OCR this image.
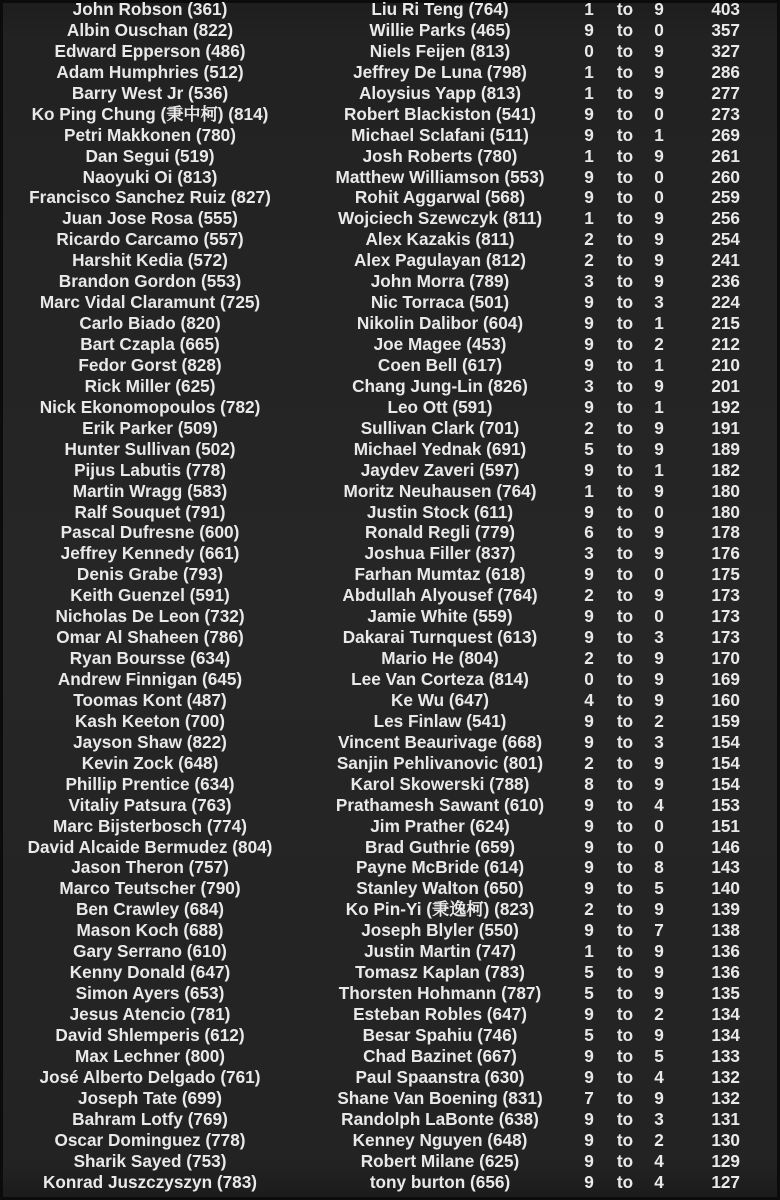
John Robson (361)	Liu Ri Teng (764)	1	to	9	403
Albin Ouschan (822)	Willie Parks (465)	9	to	0	357
Edward Epperson (486)	Niels Feijen (813)	0	to	9	327
Adam Humphries (512)	Jeffrey De Luna (798)	1	to	9	286
Barry West Jr (536)	Aloysius Yapp (813)	1	to	9	277
Ko Ping Chung (秉中柯) (814)	Robert Blackiston (541)	9	to	0	273
Petri Makkonen (780)	Michael Sclafani (511)	9	to	1	269
Dan Segui (519)	Josh Roberts (780)	1	to	9	261
Naoyuki Oi (813)	Matthew Williamson (553)	9	to	0	260
Francisco Sanchez Ruiz (827)	Rohit Aggarwal (568)	9	to	0	259
Juan Jose Rosa (555)	Wojciech Szewczyk (811)	1	to	9	256
Ricardo Carcamo (557)	Alex Kazakis (811)	2	to	9	254
Harshit Kedia (572)	Alex Pagulayan (812)	2	to	9	241
Brandon Gordon (553)	John Morra (789)	3	to	9	236
Marc Vidal Claramunt (725)	Nic Torraca (501)	9	to	3	224
Carlo Biado (820)	Nikolin Dalibor (604)	9	to	1	215
Bart Czapla (665)	Joe Magee (453)	9	to	2	212
Fedor Gorst (828)	Coen Bell (617)	9	to	1	210
Rick Miller (625)	Chang Jung-Lin (826)	3	to	9	201
Nick Ekonomopoulos (782)	Leo Ott (591)	9	to	1	192
Erik Parker (509)	Sullivan Clark (701)	2	to	9	191
Hunter Sullivan (502)	Michael Yednak (691)	5	to	9	189
Pijus Labutis (778)	Jaydev Zaveri (597)	9	to	1	182
Martin Wragg (583)	Moritz Neuhausen (764)	1	to	9	180
Ralf Souquet (791)	Justin Stock (611)	9	to	0	180
Pascal Dufresne (600)	Ronald Regli (779)	6	to	9	178
Jeffrey Kennedy (661)	Joshua Filler (837)	3	to	9	176
Denis Grabe (793)	Farhan Mumtaz (618)	9	to	0	175
Keith Guenzel (591)	Abdullah Alyousef (764)	2	to	9	173
Nicholas De Leon (732)	Jamie White (559)	9	to	0	173
Omar Al Shaheen (786)	Dakarai Turnquest (613)	9	to	3	173
Ryan Boursse (634)	Mario He (804)	2	to	9	170
Andrew Finnigan (645)	Lee Van Corteza (814)	0	to	9	169
Toomas Kont (487)	Ke Wu (647)	4	to	9	160
Kash Keeton (700)	Les Finlaw (541)	9	to	2	159
Jayson Shaw (822)	Vincent Beaurivage (668)	9	to	3	154
Kevin Zock (648)	Sanjin Pehlivanovic (801)	2	to	9	154
Phillip Prentice (634)	Karol Skowerski (788)	8	to	9	154
Vitaliy Patsura (763)	Prathamesh Sawant (610)	9	to	4	153
Marc Bijsterbosch (774)	Jim Prather (624)	9	to	0	151
David Alcaide Bermudez (804)	Brad Guthrie (659)	9	to	0	146
Jason Theron (757)	Payne McBride (614)	9	to	8	143
Marco Teutscher (790)	Stanley Walton (650)	9	to	5	140
Ben Crawley (684)	Ko Pin-Yi (秉逸柯) (823)	2	to	9	139
Mason Koch (688)	Joseph Blyler (550)	9	to	7	138
Gary Serrano (610)	Justin Martin (747)	1	to	9	136
Kenny Donald (647)	Tomasz Kaplan (783)	5	to	9	136
Simon Ayers (653)	Thorsten Hohmann (787)	5	to	9	135
Jesus Atencio (781)	Esteban Robles (647)	9	to	2	134
David Shlemperis (612)	Besar Spahiu (746)	5	to	9	134
Max Lechner (800)	Chad Bazinet (667)	9	to	5	133
José Alberto Delgado (761)	Paul Spaanstra (630)	9	to	4	132
Joseph Tate (699)	Shane Van Boening (831)	7	to	9	132
Bahram Lotfy (769)	Randolph LaBonte (638)	9	to	3	131
Oscar Dominguez (778)	Kenney Nguyen (648)	9	to	2	130
Sharik Sayed (753)	Robert Milane (625)	9	to	4	129
Konrad Juszczyszyn (783)	tony burton (656)	9	to	4	127
